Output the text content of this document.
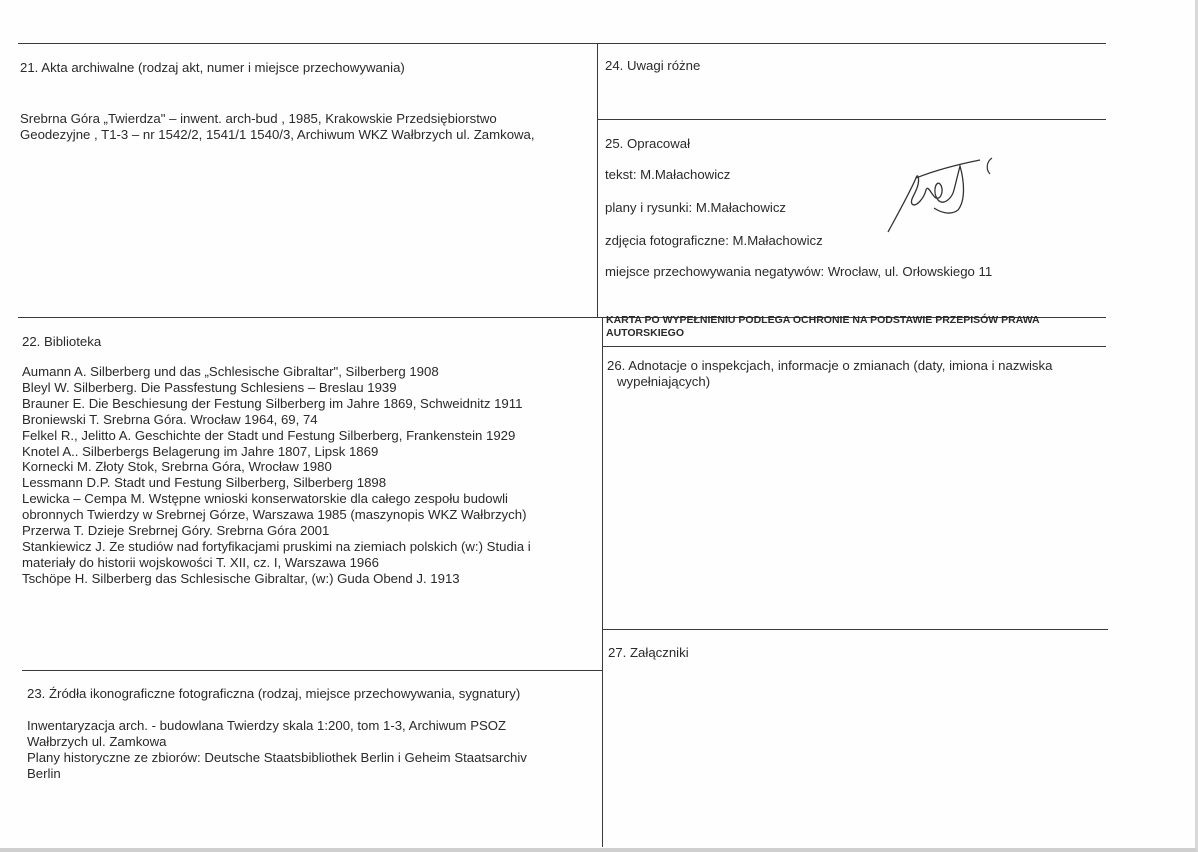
21. Akta archiwalne (rodzaj akt, numer i miejsce przechowywania)
Srebrna Góra „Twierdza" – inwent. arch-bud , 1985, Krakowskie Przedsiębiorstwo
Geodezyjne , T1-3 – nr 1542/2, 1541/1 1540/3, Archiwum WKZ Wałbrzych ul. Zamkowa,
24. Uwagi różne
25. Opracował
tekst: M.Małachowicz
plany i rysunki: M.Małachowicz
zdjęcia fotograficzne: M.Małachowicz
miejsce przechowywania negatywów: Wrocław, ul. Orłowskiego 11
KARTA PO WYPEŁNIENIU PODLEGA OCHRONIE NA PODSTAWIE PRZEPISÓW PRAWA
AUTORSKIEGO
22. Biblioteka
Aumann A. Silberberg und das „Schlesische Gibraltar", Silberberg 1908
Bleyl W. Silberberg. Die Passfestung Schlesiens – Breslau 1939
Brauner E. Die Beschiesung der Festung Silberberg im Jahre 1869, Schweidnitz 1911
Broniewski T. Srebrna Góra. Wrocław 1964, 69, 74
Felkel R., Jelitto A. Geschichte der Stadt und Festung Silberberg, Frankenstein 1929
Knotel A.. Silberbergs Belagerung im Jahre 1807, Lipsk 1869
Kornecki M. Złoty Stok, Srebrna Góra, Wrocław 1980
Lessmann D.P. Stadt und Festung Silberberg, Silberberg 1898
Lewicka – Cempa M. Wstępne wnioski konserwatorskie dla całego zespołu budowli
obronnych Twierdzy w Srebrnej Górze, Warszawa 1985 (maszynopis WKZ Wałbrzych)
Przerwa T. Dzieje Srebrnej Góry. Srebrna Góra 2001
Stankiewicz J. Ze studiów nad fortyfikacjami pruskimi na ziemiach polskich (w:) Studia i
materiały do historii wojskowości T. XII, cz. I, Warszawa 1966
Tschöpe H. Silberberg das Schlesische Gibraltar, (w:) Guda Obend J. 1913
26. Adnotacje o inspekcjach, informacje o zmianach (daty, imiona i nazwiska
wypełniających)
27. Załączniki
23. Źródła ikonograficzne fotograficzna (rodzaj, miejsce przechowywania, sygnatury)
Inwentaryzacja arch. - budowlana Twierdzy skala 1:200, tom 1-3, Archiwum PSOZ
Wałbrzych ul. Zamkowa
Plany historyczne ze zbiorów: Deutsche Staatsbibliothek Berlin i Geheim Staatsarchiv
Berlin
